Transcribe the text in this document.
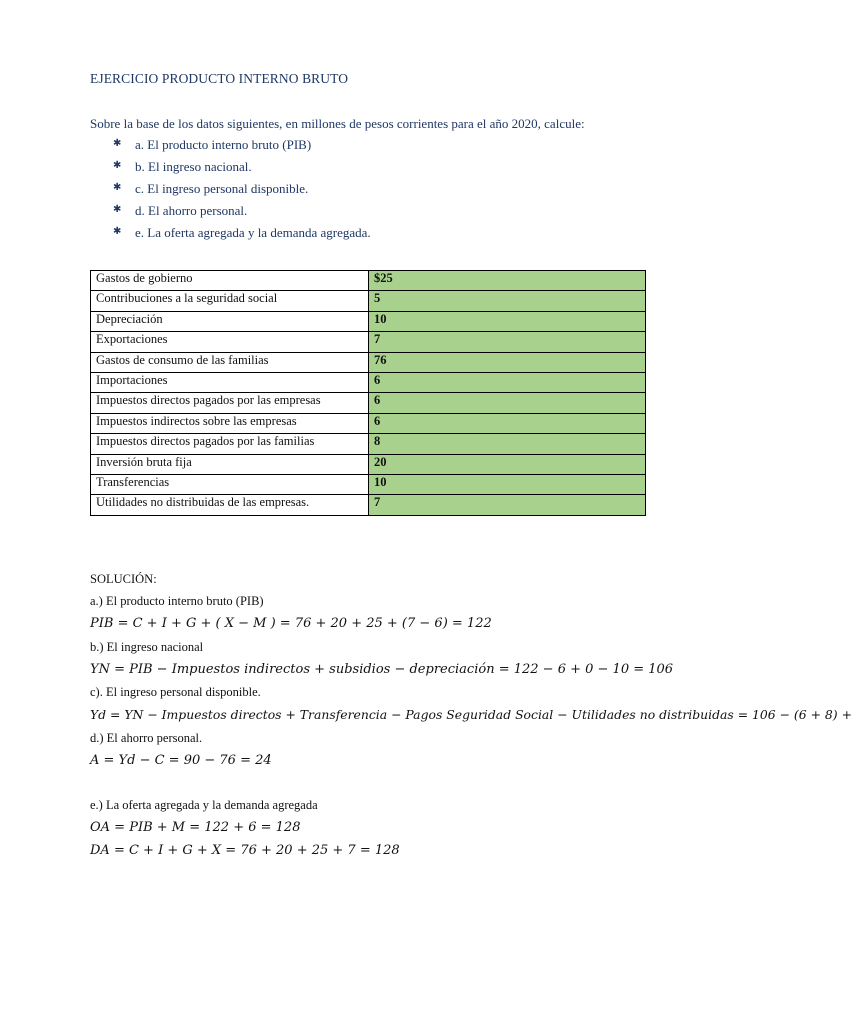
EJERCICIO PRODUCTO INTERNO BRUTO
Sobre la base de los datos siguientes, en millones de pesos corrientes para el año 2020, calcule:
✱	a. El producto interno bruto (PIB)
✱	b. El ingreso nacional.
✱	c. El ingreso personal disponible.
✱	d. El ahorro personal.
✱	e. La oferta agregada y la demanda agregada.
Gastos de gobierno	$25
Contribuciones a la seguridad social	5
Depreciación	10
Exportaciones	7
Gastos de consumo de las familias	76
Importaciones	6
Impuestos directos pagados por las empresas	6
Impuestos indirectos sobre las empresas	6
Impuestos directos pagados por las familias	8
Inversión bruta fija	20
Transferencias	10
Utilidades no distribuidas de las empresas.	7
SOLUCIÓN:
a.) El producto interno bruto (PIB)
PIB = C + I + G + ( X − M ) = 76 + 20 + 25 + (7 − 6) = 122
b.) El ingreso nacional
YN = PIB − Impuestos indirectos + subsidios − depreciación = 122 − 6 + 0 − 10 = 106
c). El ingreso personal disponible.
Yd = YN − Impuestos directos + Transferencia − Pagos Seguridad Social − Utilidades no distribuidas = 106 − (6 + 8) +
d.) El ahorro personal.
A = Yd − C = 90 − 76 = 24
e.) La oferta agregada y la demanda agregada
OA = PIB + M = 122 + 6 = 128
DA = C + I + G + X = 76 + 20 + 25 + 7 = 128
